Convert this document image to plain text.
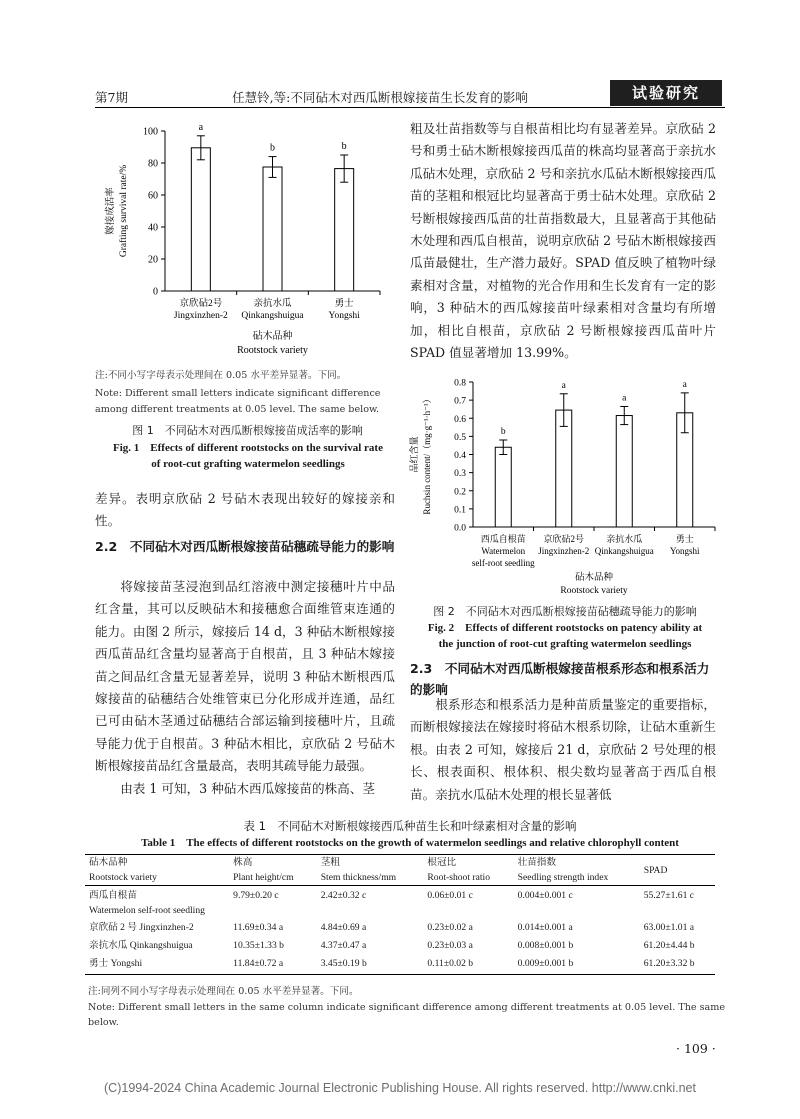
第7期	任慧铃,等:不同砧木对西瓜断根嫁接苗生长发育的影响	试验研究
0
20
40
60
80
100	a
京欣砧2号
Jingxinzhen-2
b
亲抗水瓜
Qinkangshuigua
b
勇士
Yongshi
嫁接成活率 Grafting survival rate/%
砧木品种
Rootstock variety
注:不同小写字母表示处理间在 0.05 水平差异显著。下同。
Note: Different small letters indicate significant difference among different treatments at 0.05 level. The same below.
图 1　不同砧木对西瓜断根嫁接苗成活率的影响
Fig. 1　Effects of different rootstocks on the survival rate
of root-cut grafting watermelon seedlings

差异。表明京欣砧 2 号砧木表现出较好的嫁接亲和性。

2.2　不同砧木对西瓜断根嫁接苗砧穗疏导能力的影响

将嫁接苗茎浸泡到品红溶液中测定接穗叶片中品红含量，其可以反映砧木和接穗愈合面维管束连通的能力。由图 2 所示，嫁接后 14 d，3 种砧木断根嫁接西瓜苗品红含量均显著高于自根苗，且 3 种砧木嫁接苗之间品红含量无显著差异，说明 3 种砧木断根西瓜嫁接苗的砧穗结合处维管束已分化形成并连通，品红已可由砧木茎通过砧穗结合部运输到接穗叶片，且疏导能力优于自根苗。3 种砧木相比，京欣砧 2 号砧木断根嫁接苗品红含量最高，表明其疏导能力最强。

由表 1 可知，3 种砧木西瓜嫁接苗的株高、茎

粗及壮苗指数等与自根苗相比均有显著差异。京欣砧 2 号和勇士砧木断根嫁接西瓜苗的株高均显著高于亲抗水瓜砧木处理，京欣砧 2 号和亲抗水瓜砧木断根嫁接西瓜苗的茎粗和根冠比均显著高于勇士砧木处理。京欣砧 2 号断根嫁接西瓜苗的壮苗指数最大，且显著高于其他砧木处理和西瓜自根苗，说明京欣砧 2 号砧木断根嫁接西瓜苗最健壮，生产潜力最好。SPAD 值反映了植物叶绿素相对含量，对植物的光合作用和生长发育有一定的影响，3 种砧木的西瓜嫁接苗叶绿素相对含量均有所增加，相比自根苗，京欣砧 2 号断根嫁接西瓜苗叶片 SPAD 值显著增加 13.99%。

0.0
0.1
0.2
0.3
0.4
0.5
0.6
0.7
0.8
b
西瓜自根苗
Watermelon
a
京欣砧2号
Jingxinzhen-2
a
亲抗水瓜
Qinkangshuigua
a
勇士
Yongshi
品红含量 Ruchsin content/（mg·g⁻¹·h⁻¹）
砧木品种
Rootstock variety
self-root seedling
图 2　不同砧木对西瓜断根嫁接苗砧穗疏导能力的影响
Fig. 2　Effects of different rootstocks on patency ability at
the junction of root-cut grafting watermelon seedlings
2.3　不同砧木对西瓜断根嫁接苗根系形态和根系活力的影响

根系形态和根系活力是种苗质量鉴定的重要指标，而断根嫁接法在嫁接时将砧木根系切除，让砧木重新生根。由表 2 可知，嫁接后 21 d，京欣砧 2 号处理的根长、根表面积、根体积、根尖数均显著高于西瓜自根苗。亲抗水瓜砧木处理的根长显著低

表 1　不同砧木对断根嫁接西瓜种苗生长和叶绿素相对含量的影响
Table 1　The effects of different rootstocks on the growth of watermelon seedlings and relative chlorophyll content
砧木品种	株高	茎粗	根冠比	壮苗指数	SPAD
Rootstock variety	Plant height/cm	Stem thickness/mm	Root-shoot ratio	Seedling strength index	
西瓜自根苗	9.79±0.20 c	2.42±0.32 c	0.06±0.01 c	0.004±0.001 c	55.27±1.61 c
Watermelon self-root seedling					
京欣砧 2 号 Jingxinzhen-2	11.69±0.34 a	4.84±0.69 a	0.23±0.02 a	0.014±0.001 a	63.00±1.01 a
亲抗水瓜 Qinkangshuigua	10.35±1.33 b	4.37±0.47 a	0.23±0.03 a	0.008±0.001 b	61.20±4.44 b
勇士 Yongshi	11.84±0.72 a	3.45±0.19 b	0.11±0.02 b	0.009±0.001 b	61.20±3.32 b
注:同列不同小写字母表示处理间在 0.05 水平差异显著。下同。
Note: Different small letters in the same column indicate significant difference among different treatments at 0.05 level. The same below.
· 109 ·
(C)1994-2024 China Academic Journal Electronic Publishing House. All rights reserved. http://www.cnki.net
